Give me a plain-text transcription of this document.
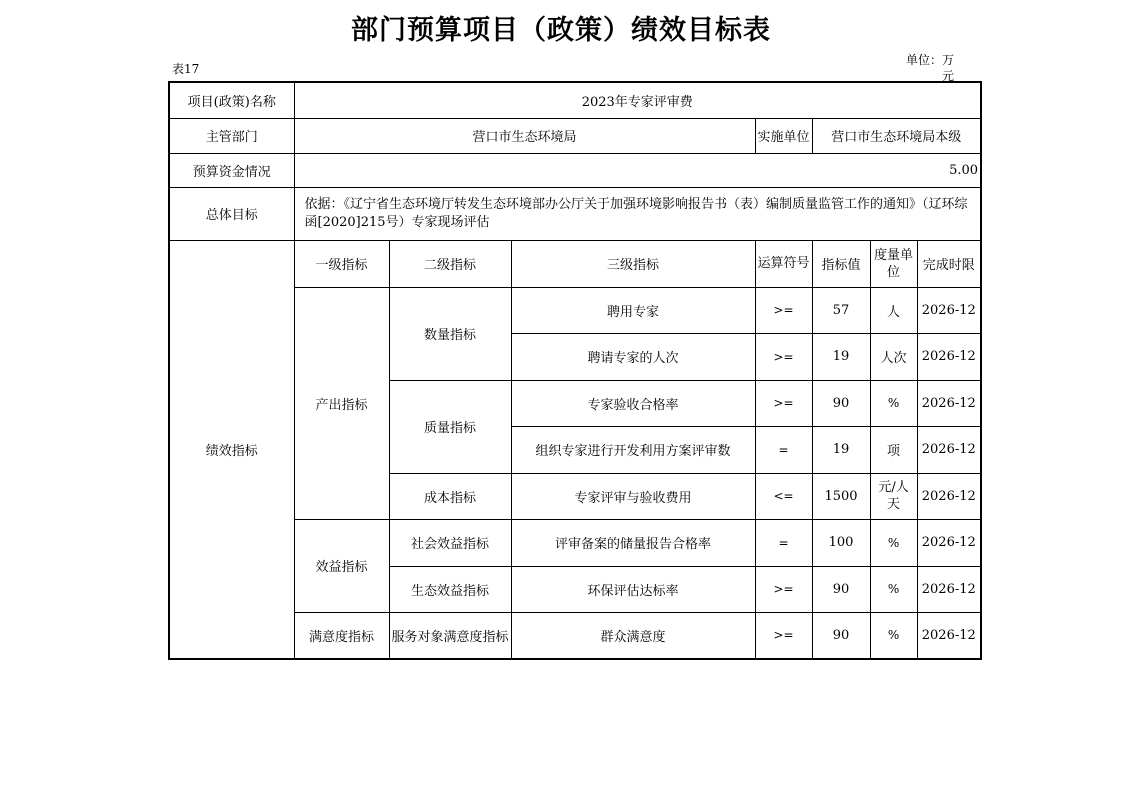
部门预算项目（政策）绩效目标表
表17
单位：万元
项目(政策)名称	2023年专家评审费						
主管部门	营口市生态环境局			实施单位	营口市生态环境局本级		
预算资金情况	5.00						
总体目标	依据：《辽宁省生态环境厅转发生态环境部办公厅关于加强环境影响报告书（表）编制质量监管工作的通知》（辽环综函[2020]215号）专家现场评估						
绩效指标	一级指标	二级指标	三级指标	运算符号	指标值	度量单位	完成时限
	产出指标	数量指标	聘用专家	>=	57	人	2026-12
			聘请专家的人次	>=	19	人次	2026-12
		质量指标	专家验收合格率	>=	90	%	2026-12
			组织专家进行开发利用方案评审数	=	19	项	2026-12
		成本指标	专家评审与验收费用	<=	1500	元/人天	2026-12
	效益指标	社会效益指标	评审备案的储量报告合格率	=	100	%	2026-12
		生态效益指标	环保评估达标率	>=	90	%	2026-12
	满意度指标	服务对象满意度指标	群众满意度	>=	90	%	2026-12
